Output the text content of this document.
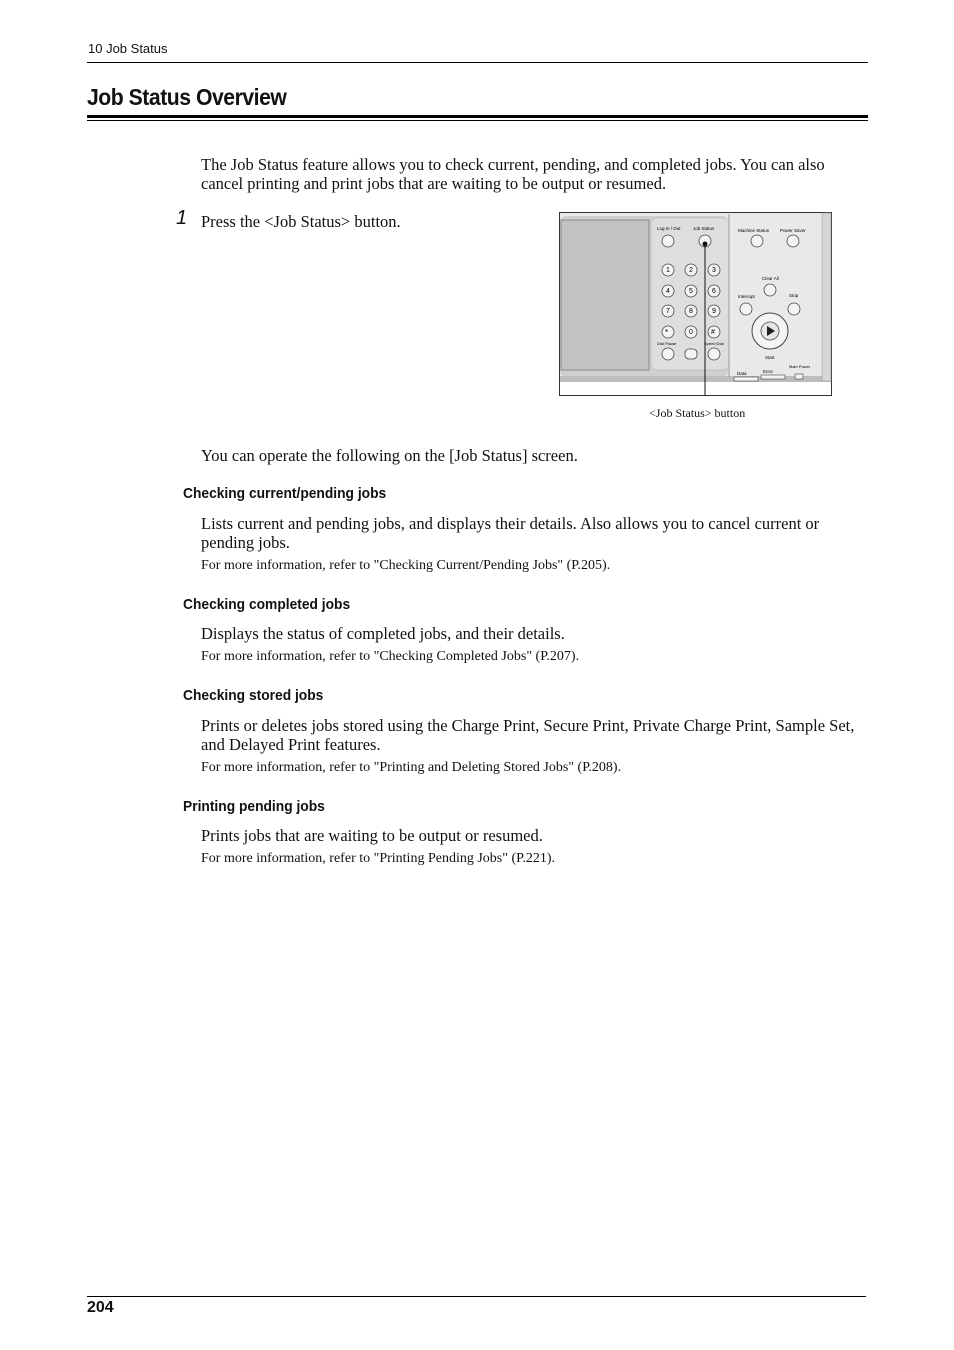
10 Job Status
Job Status Overview

The Job Status feature allows you to check current, pending, and completed jobs. You can also cancel printing and print jobs that are waiting to be output or resumed.

1 Press the <Job Status> button.	Log In / Out	Job Status
1	2	3
4	5	6
7	8	9
*	0	#
Dial Pause	Speed Dial
Machine Status Power Saver
Clear All
Interrupt	Stop
Start
Data	Error
Main Power
<Job Status> button

You can operate the following on the [Job Status] screen.

Checking current/pending jobs

Lists current and pending jobs, and displays their details. Also allows you to cancel current or pending jobs.

For more information, refer to "Checking Current/Pending Jobs" (P.205).

Checking completed jobs

Displays the status of completed jobs, and their details.

For more information, refer to "Checking Completed Jobs" (P.207).

Checking stored jobs

Prints or deletes jobs stored using the Charge Print, Secure Print, Private Charge Print, Sample Set, and Delayed Print features.

For more information, refer to "Printing and Deleting Stored Jobs" (P.208).

Printing pending jobs

Prints jobs that are waiting to be output or resumed.

For more information, refer to "Printing Pending Jobs" (P.221).

204
